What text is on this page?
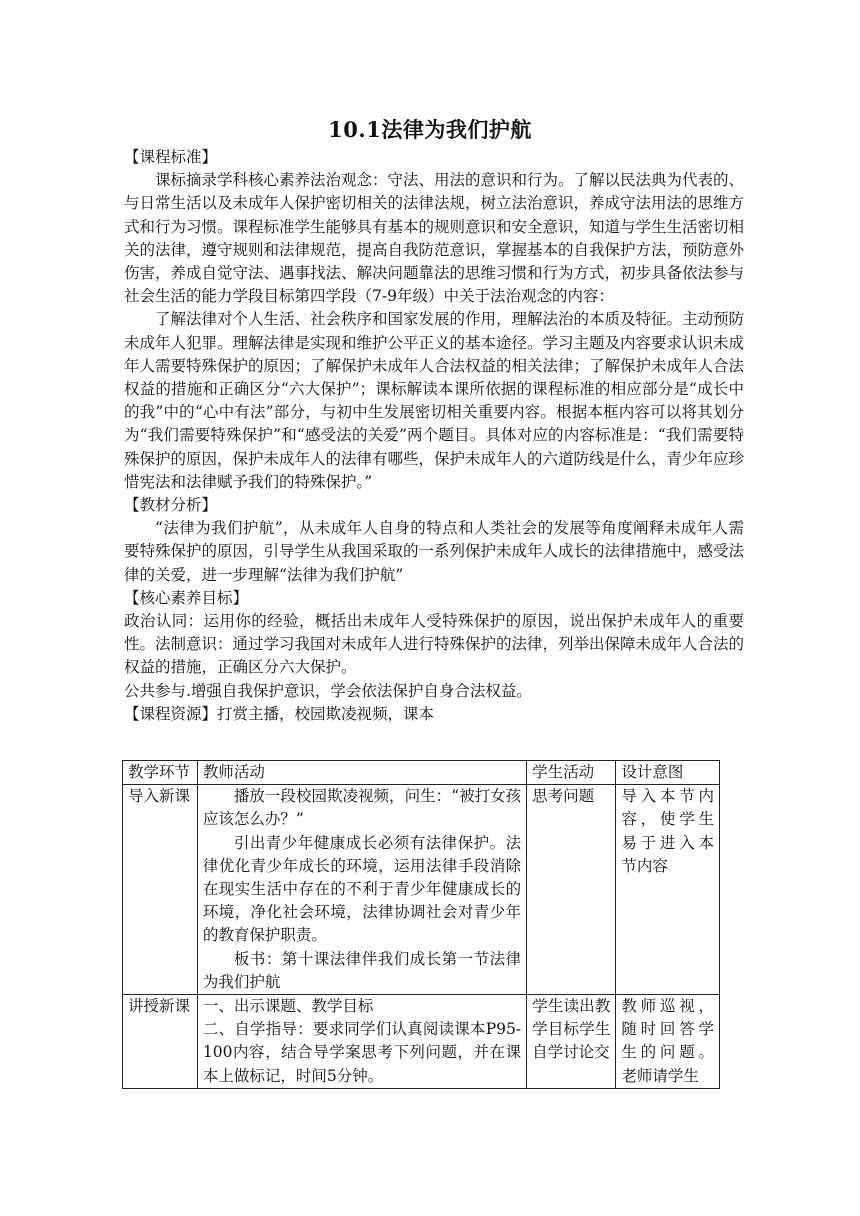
10.1法律为我们护航

【课程标准】

课标摘录学科核心素养法治观念：守法、用法的意识和行为。了解以民法典为代表的、与日常生活以及未成年人保护密切相关的法律法规，树立法治意识，养成守法用法的思维方式和行为习惯。课程标准学生能够具有基本的规则意识和安全意识，知道与学生生活密切相关的法律，遵守规则和法律规范，提高自我防范意识，掌握基本的自我保护方法，预防意外伤害，养成自觉守法、遇事找法、解决问题靠法的思维习惯和行为方式，初步具备依法参与社会生活的能力学段目标第四学段（7-9年级）中关于法治观念的内容：

了解法律对个人生活、社会秩序和国家发展的作用，理解法治的本质及特征。主动预防未成年人犯罪。理解法律是实现和维护公平正义的基本途径。学习主题及内容要求认识未成年人需要特殊保护的原因；了解保护未成年人合法权益的相关法律；了解保护未成年人合法权益的措施和正确区分“六大保护”；课标解读本课所依据的课程标准的相应部分是“成长中的我”中的“心中有法”部分，与初中生发展密切相关重要内容。根据本框内容可以将其划分为“我们需要特殊保护”和“感受法的关爱”两个题目。具体对应的内容标准是：“我们需要特殊保护的原因，保护未成年人的法律有哪些，保护未成年人的六道防线是什么，青少年应珍惜宪法和法律赋予我们的特殊保护。”

【教材分析】

“法律为我们护航”，从未成年人自身的特点和人类社会的发展等角度阐释未成年人需要特殊保护的原因，引导学生从我国采取的一系列保护未成年人成长的法律措施中，感受法律的关爱，进一步理解“法律为我们护航”

【核心素养目标】

政治认同：运用你的经验，概括出未成年人受特殊保护的原因，说出保护未成年人的重要性。法制意识：通过学习我国对未成年人进行特殊保护的法律，列举出保障未成年人合法的权益的措施，正确区分六大保护。

公共参与.增强自我保护意识，学会依法保护自身合法权益。

【课程资源】打赏主播，校园欺凌视频，课本

教学环节	教师活动	学生活动	设计意图
导入新课	播放一段校园欺凌视频，问生：“被打女孩应该怎么办？”

引出青少年健康成长必须有法律保护。法律优化青少年成长的环境，运用法律手段消除在现实生活中存在的不利于青少年健康成长的环境，净化社会环境，法律协调社会对青少年的教育保护职责。

板书：第十课法律伴我们成长第一节法律为我们护航	思考问题	导入本节内容，使学生易于进入本节内容
讲授新课	一、出示课题、教学目标

二、自学指导：要求同学们认真阅读课本P95-100内容，结合导学案思考下列问题，并在课本上做标记，时间5分钟。	学生读出教学目标学生自学讨论交	教师巡视，随时回答学生的问题。老师请学生
